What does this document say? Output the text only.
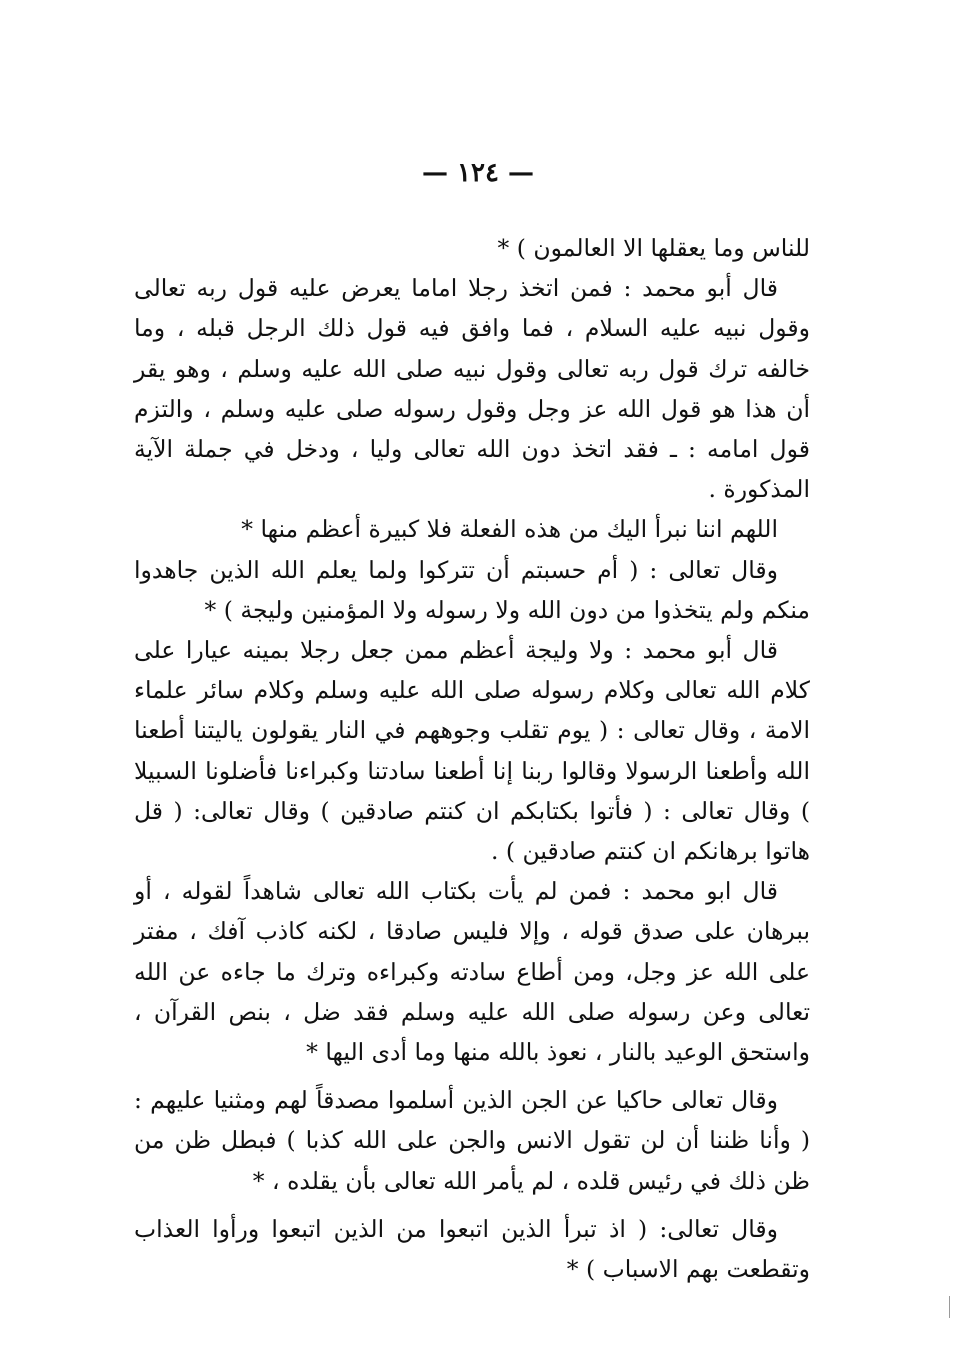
— ١٢٤ —

للناس وما يعقلها الا العالمون ) *

قال أبو محمد : فمن اتخذ رجلا اماما يعرض عليه قول ربه تعالى وقول نبيه عليه السلام ، فما وافق فيه قول ذلك الرجل قبله ، وما خالفه ترك قول ربه تعالى وقول نبيه صلى الله عليه وسلم ، وهو يقر أن هذا هو قول الله عز وجل وقول رسوله صلى عليه وسلم ، والتزم قول امامه : ـ فقد اتخذ دون الله تعالى وليا ، ودخل في جملة الآية المذكورة .

اللهم اننا نبرأ اليك من هذه الفعلة فلا كبيرة أعظم منها *

وقال تعالى : ( أم حسبتم أن تتركوا ولما يعلم الله الذين جاهدوا منكم ولم يتخذوا من دون الله ولا رسوله ولا المؤمنين وليجة ) *

قال أبو محمد : ولا وليجة أعظم ممن جعل رجلا بمينه عيارا على كلام الله تعالى وكلام رسوله صلى الله عليه وسلم وكلام سائر علماء الامة ، وقال تعالى : ( يوم تقلب وجوههم في النار يقولون ياليتنا أطعنا الله وأطعنا الرسولا وقالوا ربنا إنا أطعنا سادتنا وكبراءنا فأضلونا السبيلا ) وقال تعالى : ( فأتوا بكتابكم ان كنتم صادقين ) وقال تعالى: ( قل هاتوا برهانكم ان كنتم صادقين ) .

قال ابو محمد : فمن لم يأت بكتاب الله تعالى شاهداً لقوله ، أو ببرهان على صدق قوله ، وإلا فليس صادقا ، لكنه كاذب آفك ، مفتر على الله عز وجل، ومن أطاع سادته وكبراءه وترك ما جاءه عن الله تعالى وعن رسوله صلى الله عليه وسلم فقد ضل ، بنص القرآن ، واستحق الوعيد بالنار ، نعوذ بالله منها وما أدى اليها *

وقال تعالى حاكيا عن الجن الذين أسلموا مصدقاً لهم ومثنيا عليهم : ( وأنا ظننا أن لن تقول الانس والجن على الله كذبا ) فبطل ظن من ظن ذلك في رئيس قلده ، لم يأمر الله تعالى بأن يقلده ، *

وقال تعالى: ( اذ تبرأ الذين اتبعوا من الذين اتبعوا ورأوا العذاب وتقطعت بهم الاسباب ) *
